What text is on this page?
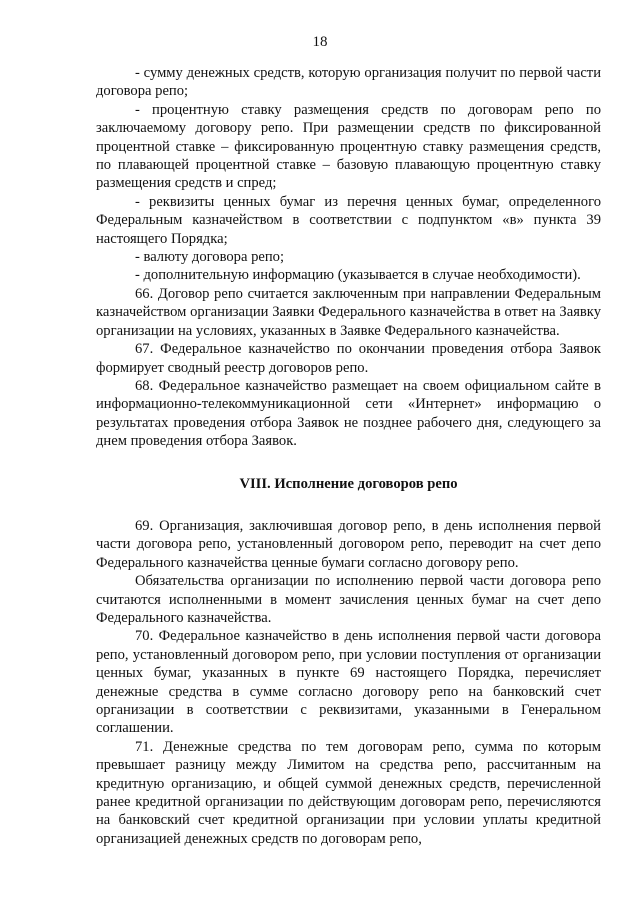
18

- сумму денежных средств, которую организация получит по первой части договора репо;

- процентную ставку размещения средств по договорам репо по заключаемому договору репо. При размещении средств по фиксированной процентной ставке – фиксированную процентную ставку размещения средств, по плавающей процентной ставке – базовую плавающую процентную ставку размещения средств и спред;

- реквизиты ценных бумаг из перечня ценных бумаг, определенного Федеральным казначейством в соответствии с подпунктом «в» пункта 39 настоящего Порядка;

- валюту договора репо;

- дополнительную информацию (указывается в случае необходимости).

66. Договор репо считается заключенным при направлении Федеральным казначейством организации Заявки Федерального казначейства в ответ на Заявку организации на условиях, указанных в Заявке Федерального казначейства.

67. Федеральное казначейство по окончании проведения отбора Заявок формирует сводный реестр договоров репо.

68. Федеральное казначейство размещает на своем официальном сайте в информационно-телекоммуникационной сети «Интернет» информацию о результатах проведения отбора Заявок не позднее рабочего дня, следующего за днем проведения отбора Заявок.

VIII. Исполнение договоров репо

69. Организация, заключившая договор репо, в день исполнения первой части договора репо, установленный договором репо, переводит на счет депо Федерального казначейства ценные бумаги согласно договору репо.

Обязательства организации по исполнению первой части договора репо считаются исполненными в момент зачисления ценных бумаг на счет депо Федерального казначейства.

70. Федеральное казначейство в день исполнения первой части договора репо, установленный договором репо, при условии поступления от организации ценных бумаг, указанных в пункте 69 настоящего Порядка, перечисляет денежные средства в сумме согласно договору репо на банковский счет организации в соответствии с реквизитами, указанными в Генеральном соглашении.

71. Денежные средства по тем договорам репо, сумма по которым превышает разницу между Лимитом на средства репо, рассчитанным на кредитную организацию, и общей суммой денежных средств, перечисленной ранее кредитной организации по действующим договорам репо, перечисляются на банковский счет кредитной организации при условии уплаты кредитной организацией денежных средств по договорам репо,
